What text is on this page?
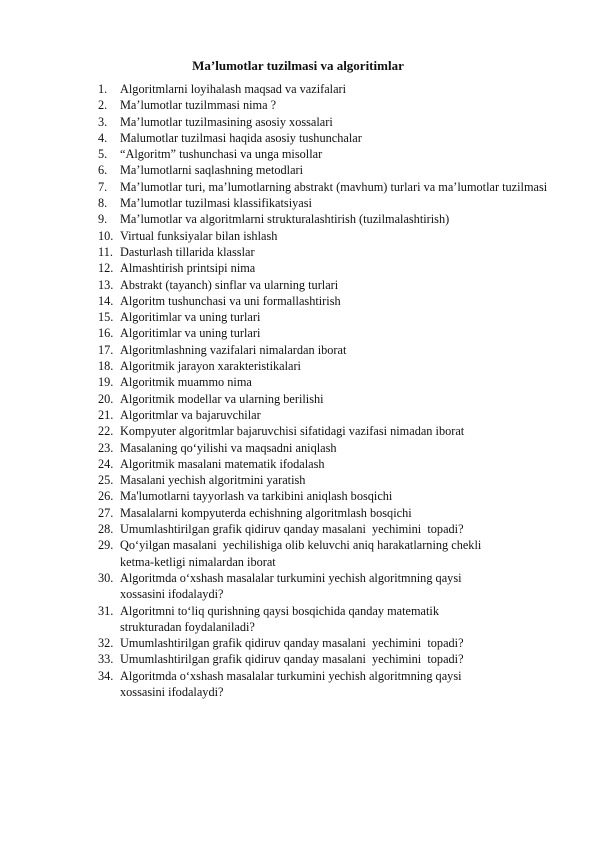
Ma’lumotlar tuzilmasi va algoritimlar
1. Algoritmlarni loyihalash maqsad va vazifalari
2. Ma’lumotlar tuzilmmasi nima ?
3. Ma’lumotlar tuzilmasining asosiy xossalari
4. Malumotlar tuzilmasi haqida asosiy tushunchalar
5. “Algoritm” tushunchasi va unga misollar
6. Ma’lumotlarni saqlashning metodlari
7. Ma’lumotlar turi, ma’lumotlarning abstrakt (mavhum) turlari va ma’lumotlar tuzilmasi
8. Ma’lumotlar tuzilmasi klassifikatsiyasi
9. Ma’lumotlar va algoritmlarni strukturalashtirish (tuzilmalashtirish)
10. Virtual funksiyalar bilan ishlash
11. Dasturlash tillarida klasslar
12. Almashtirish printsipi nima
13. Abstrakt (tayanch) sinflar va ularning turlari
14. Algoritm tushunchasi va uni formallashtirish
15. Algoritimlar va uning turlari
16. Algoritimlar va uning turlari
17. Algoritmlashning vazifalari nimalardan iborat
18. Algoritmik jarayon xarakteristikalari
19. Algoritmik muammo nima
20. Algoritmik modellar va ularning berilishi
21. Algoritmlar va bajaruvchilar
22. Kompyuter algoritmlar bajaruvchisi sifatidagi vazifasi nimadan iborat
23. Masalaning qo‘yilishi va maqsadni aniqlash
24. Algoritmik masalani matematik ifodalash
25. Masalani yechish algoritmini yaratish
26. Ma'lumotlarni tayyorlash va tarkibini aniqlash bosqichi
27. Masalalarni kompyuterda echishning algoritmlash bosqichi
28. Umumlashtirilgan grafik qidiruv qanday masalani  yechimini  topadi?
29. Qo‘yilgan masalani  yechilishiga olib keluvchi aniq harakatlarning chekli
ketma-ketligi nimalardan iborat
30. Algoritmda o‘xshash masalalar turkumini yechish algoritmning qaysi
xossasini ifodalaydi?
31. Algoritmni to‘liq qurishning qaysi bosqichida qanday matematik
strukturadan foydalaniladi?
32. Umumlashtirilgan grafik qidiruv qanday masalani  yechimini  topadi?
33. Umumlashtirilgan grafik qidiruv qanday masalani  yechimini  topadi?
34. Algoritmda o‘xshash masalalar turkumini yechish algoritmning qaysi
xossasini ifodalaydi?
